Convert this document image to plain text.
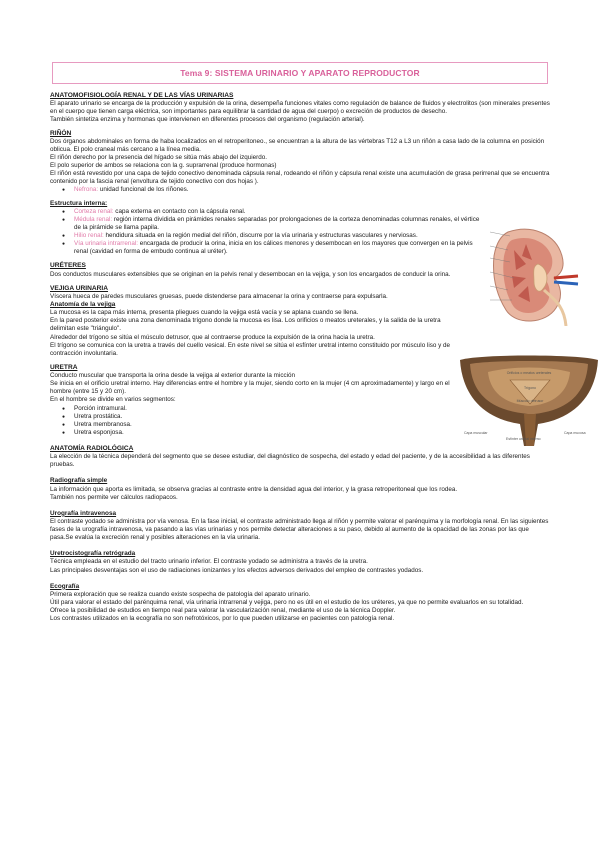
Tema 9: SISTEMA URINARIO Y APARATO REPRODUCTOR
Orificios o meatos ureterales
Trígono
Músculo detrusor
Capa muscular	Capa mucosa
Esfínter uretral interno
ANATOMOFISIOLOGÍA RENAL Y DE LAS VÍAS URINARIAS

El aparato urinario se encarga de la producción y expulsión de la orina, desempeña funciones vitales como regulación de balance de fluidos y electrolitos (son minerales presentes en el cuerpo que tienen carga eléctrica, son importantes para equilibrar la cantidad de agua del cuerpo) o excreción de productos de desecho.

También sintetiza enzima y hormonas que intervienen en diferentes procesos del organismo (regulación arterial).

RIÑÓN

Dos órganos abdominales en forma de haba localizados en el retroperitoneo., se encuentran a la altura de las vértebras T12 a L3 un riñón a casa lado de la columna en posición oblicua. El polo craneal más cercano a la línea media.

El riñón derecho por la presencia del hígado se sitúa más abajo del izquierdo.

El polo superior de ambos se relaciona con la g. suprarrenal (produce hormonas)

El riñón está revestido por una capa de tejido conectivo denominada cápsula renal, rodeando el riñón y cápsula renal existe una acumulación de grasa perirrenal que se encuentra contenido por la fascia renal (envoltura de tejido conectivo con dos hojas ).

● Nefrona: unidad funcional de los riñones.
Estructura interna:
● Corteza renal: capa externa en contacto con la cápsula renal.
● Médula renal: región interna dividida en pirámides renales separadas por prolongaciones de la corteza denominadas columnas renales, el vértice de la pirámide se llama papila.
● Hilio renal: hendidura situada en la región medial del riñón, discurre por la vía urinaria y estructuras vasculares y nerviosas.
● Vía urinaria intrarrenal: encargada de producir la orina, inicia en los cálices menores y desembocan en los mayores que convergen en la pelvis renal (cavidad en forma de embudo continua al uréter).
URÉTERES

Dos conductos musculares extensibles que se originan en la pelvis renal y desembocan en la vejiga, y son los encargados de conducir la orina.

VEJIGA URINARIA

Víscera hueca de paredes musculares gruesas, puede distenderse para almacenar la orina y contraerse para expulsarla.

Anatomía de la vejiga

La mucosa es la capa más interna, presenta pliegues cuando la vejiga está vacía y se aplana cuando se llena.

En la pared posterior existe una zona denominada trígono donde la mucosa es lisa. Los orificios o meatos ureterales, y la salida de la uretra delimitan este "triángulo".

Alrededor del trígono se sitúa el músculo detrusor, que al contraerse produce la expulsión de la orina hacia la uretra.

El trígono se comunica con la uretra a través del cuello vesical. En este nivel se sitúa el esfínter uretral interno constituido por músculo liso y de contracción involuntaria.

URETRA

Conducto muscular que transporta la orina desde la vejiga al exterior durante la micción

Se inicia en el orificio uretral interno. Hay diferencias entre el hombre y la mujer, siendo corto en la mujer (4 cm aproximadamente) y largo en el hombre (entre 15 y 20 cm).

En el hombre se divide en varios segmentos:

● Porción intramural.
● Uretra prostática.
● Uretra membranosa.
● Uretra esponjosa.
ANATOMÍA RADIOLÓGICA

La elección de la técnica dependerá del segmento que se desee estudiar, del diagnóstico de sospecha, del estado y edad del paciente, y de la accesibilidad a las diferentes pruebas.

Radiografía simple

La información que aporta es limitada, se observa gracias al contraste entre la densidad agua del interior, y la grasa retroperitoneal que los rodea.

También nos permite ver cálculos radiopacos.

Urografía intravenosa

El contraste yodado se administra por vía venosa. En la fase inicial, el contraste administrado llega al riñón y permite valorar el parénquima y la morfología renal. En las siguientes fases de la urografía intravenosa, va pasando a las vías urinarias y nos permite detectar alteraciones a su paso, debido al aumento de la opacidad de las zonas por las que pasa.Se evalúa la excreción renal y posibles alteraciones en la vía urinaria.

Uretrocistografía retrógrada

Técnica empleada en el estudio del tracto urinario inferior. El contraste yodado se administra a través de la uretra.

Las principales desventajas son el uso de radiaciones ionizantes y los efectos adversos derivados del empleo de contrastes yodados.

Ecografía

Primera exploración que se realiza cuando existe sospecha de patología del aparato urinario.

Útil para valorar el estado del parénquima renal, vía urinaria intrarrenal y vejiga, pero no es útil en el estudio de los uréteres, ya que no permite evaluarlos en su totalidad.

Ofrece la posibilidad de estudios en tiempo real para valorar la vascularización renal, mediante el uso de la técnica Doppler.

Los contrastes utilizados en la ecografía no son nefrotóxicos, por lo que pueden utilizarse en pacientes con patología renal.
